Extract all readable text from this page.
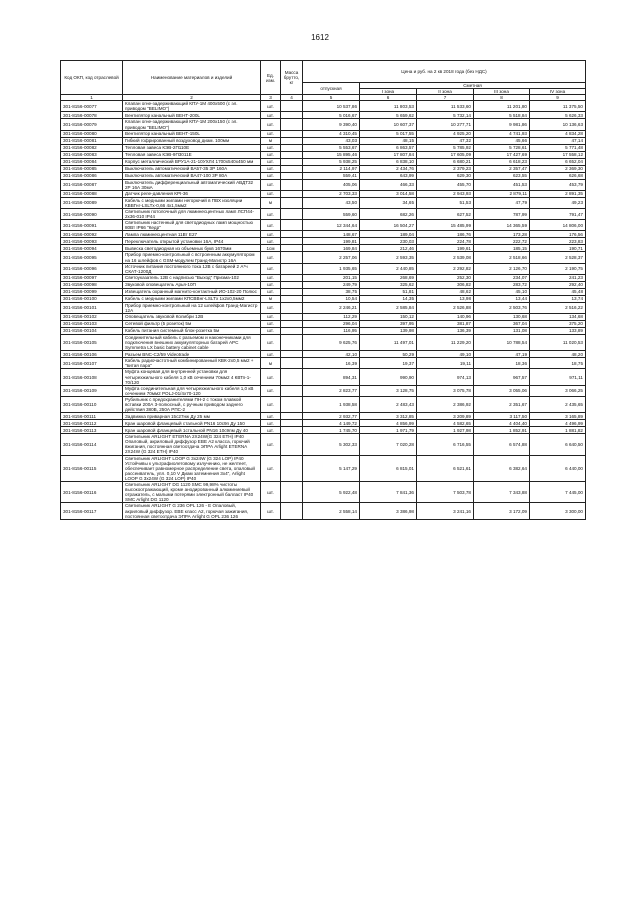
1612
Код ОКП, код отраслевой	Наименование материалов и изделий	Ед. изм.	Масса брутто, кг	Цена и руб. на 2 кв 2018 года (без НДС)				
				отпускная	Сметная			
					I зона	II зона	III зона	IV зона
1	2	3	4	5	6	7	8	9
301-8156-00077	Клапан огне-задерживающий КПУ-1М 400х500 (с эл. приводом "BELIMO")	шт.		10 537,86	11 803,53	11 533,60	11 201,80	11 375,50
301-8156-00078	Вентилятор канальный ВЕНТ-200L	шт.		5 016,67	5 659,62	5 732,14	5 518,84	5 626,33
301-8156-00079	Клапан огне-задерживающий КПУ-1М 200х150 (с эл. приводом "BELIMO")	шт.		9 390,40	10 607,37	10 277,71	9 981,86	10 136,63
301-8156-00080	Вентилятор канальный ВЕНТ-150L	шт.		4 310,45	5 017,55	4 925,20	4 741,93	4 834,28
301-8156-00081	Гибкий гофрированный воздуховод диам. 100мм	м		43,03	48,15	47,32	45,66	47,14
301-8156-00082	Тепловая завеса КЭВ-2П110Е	шт.		5 553,67	6 863,57	5 785,92	5 728,61	5 771,48
301-8156-00083	Тепловая завеса КЭВ-9П3011Е	шт.		15 895,46	17 807,84	17 605,09	17 427,69	17 558,12
301-8156-00084	Корпус металлический ВРУ1А-21-10УХЛ4 1700х540х450 мм	шт.		5 938,25	6 838,10	6 680,21	6 618,23	6 652,04
301-8156-00085	Выключатель автоматический ВА57-35 3Р 160А	шт.		2 114,97	2 434,76	2 379,23	2 357,47	2 369,30
301-8156-00086	Выключатель автоматический ВА47-100 3Р 80А	шт.		559,41	643,99	629,30	623,55	626,68
301-8156-00087	Выключатель дифференциальный автоматический АВДТ32 2Р 16А 30мА	шт.		405,06	466,33	455,70	451,53	453,79
301-8156-00088	Датчик реле-давления КРI-36	шт.		2 703,33	3 014,58	2 943,93	2 879,11	2 891,35
301-8156-00089	Кабель с медными жилами негорючий в ПВХ изоляции КВВГнг-LSLTx-0,66 4х1,5мм2	м		43,50	34,65	51,53	47,79	49,23
301-8156-00090	Светильник потолочный для люминесцентных ламп ЛСП44-2х36-010 IP44	шт.		559,60	682,26	627,52	787,99	791,47
301-8156-00091	Светильник настенный для светодиодных ламп мощностью 80Вт IP66 "Кедр"	шт.		12 344,64	16 504,27	15 485,99	14 365,59	14 806,00
301-8156-00092	Лампа люминесцентная 11Вт Е27	шт.		148,67	189,04	186,76	173,28	176,56
301-8156-00093	Переключатель открытой установки 16А, IP44	шт.		199,81	230,03	224,78	222,72	223,83
301-8156-00094	Вывеска светодиодная из объемных букв 1670мм	1см		169,84	212,46	199,61	185,15	190,71
301-8156-00095	Прибор приемно-контрольный с встроенным аккумулятором на 16 шлейфов с GSM-модулем Гранд-Магистр 16А	шт.		2 257,06	2 593,35	2 539,08	2 518,66	2 528,37
301-8156-00096	Источник питания постоянного тока 12В с батареей 2 А*ч СКАТ-1200Д	шт.		1 935,65	2 440,85	2 292,82	2 126,70	2 190,75
301-8156-00097	Светоуказатель 12В с надписью "Выход" Призма-102	шт.		201,15	268,69	252,30	234,07	241,23
301-8156-00098	Звуковой оповещатель Арья-10П	шт.		249,79	325,62	306,82	283,72	292,40
301-8156-00099	Извещатель охранный магнито-контактный ИО-102-20 Полюс	шт.		38,75	51,81	48,62	45,10	45,48
301-8156-00100	Кабель с медными жилами КПСВВнг-LSLTx 1х2х0,5мм2	м		10,54	14,35	13,98	13,44	13,74
301-8156-00101	Прибор приемно-контрольный на 12 шлейфов Гранд-Магистр 12А	шт.		2 246,21	2 585,84	2 526,88	2 503,76	2 516,22
301-8156-00102	Оповещатель звуковой Колибри 12В	шт.		112,29	150,12	140,96	130,68	134,68
301-8156-00103	Сетевой фильтр (5 розеток) 5м	шт.		296,04	397,95	381,87	367,04	375,20
301-8156-00104	Кабель питания системный блок-розетка 5м	шт.		116,95	139,98	136,39	131,08	133,89
301-8156-00105	Соединительный кабель с разъемом и наконечниками для подключения внешних аккумуляторных батарей APC Symmetra LX basic battery cabinet cable	шт.		9 625,76	11 497,01	11 229,20	10 788,54	11 020,53
301-8156-00106	Разъем BNC-C2/59 Videotrade	шт.		42,10	50,29	49,10	47,19	48,20
301-8156-00107	Кабель радиочастотный комбинированный КВК-2х0,5 мм2 + "витая пара"	м		16,39	19,37	19,11	18,36	18,75
301-8156-00108	Муфта концевая для внутренней установки для четырехжильного кабеля 1,0 кВ сечением 70мм2 4 КВТп-1-70/120	шт.		894,31	990,90	974,13	967,57	971,11
301-8156-00109	Муфта соединительная для четырехжильного кабеля 1,0 кВ сечением 70мм2 POLJ-01/4х70-120	шт.		2 823,77	3 128,75	3 075,78	3 055,06	3 066,25
301-8156-00110	Рубильник с предохранителями ПН-2 с током плавкой вставки 200А 3-полюсный, с ручным приводом заднего действия 380В, 250А РПС-2	шт.		1 938,58	2 483,43	2 386,92	2 351,67	2 435,65
301-8156-00111	Задвижка приварная 15с27нж Ду 25 мм	шт.		2 932,77	3 312,85	3 209,89	3 117,50	3 165,89
301-8156-00112	Кран шаровой фланцевый стальной PN16 10с9п Ду 150	шт.		4 149,72	4 856,99	4 582,65	4 404,40	4 496,99
301-8156-00113	Кран шаровой фланцевый 1стальной PN16 10с9пм Ду 40	шт.		1 745,70	1 971,79	1 927,98	1 852,91	1 881,82
301-8156-00114	Светильник ARLIGHT ETERNA 2Х24W(G 324 ETH) IP40 Опаловый, акриловый диффузор ЕВЕ А2 класса, горючий вжигания, постоянная светоотдача ЭПРА Arlight ETERNA 2Х24W (G 324 ETH) IP40	шт.		5 302,33	7 020,28	6 716,55	6 574,88	6 640,50
301-8156-00115	Светильник ARLIGHT LOOP G 3х24W (G 324 LOP) IP40 Устойчивы к ультрафиолетовому излучению, не желтеет, обеспечивает равномерное распределение света, опаловый рассеиватель, упл. 0,10 V Диам затемнения 3х4", Arlight LOOP G 3х24W (G 324 LOP) IP40	шт.		5 147,29	6 815,01	6 521,61	6 382,64	6 440,00
301-8156-00116	Светильник ARLIGHT DG 1120 SMC 99,98% чистоты высокоотражающий, кроме анодированный алюминиевый отражатель, с малыми потерями электронный балласт IP40 SMC Arlight DG 1120	шт.		5 922,48	7 841,36	7 503,78	7 343,88	7 445,00
301-8156-00117	Светильник ARLIGHT G 236 OPL 126 - Е Опаловый, акриловый диффузор. ЕВЕ класс А2, горючая зажигания, постоянная светоотдача ЭПРА Arlight G OPL 236 126	шт.		2 558,14	3 386,98	3 241,16	3 172,09	3 300,00
